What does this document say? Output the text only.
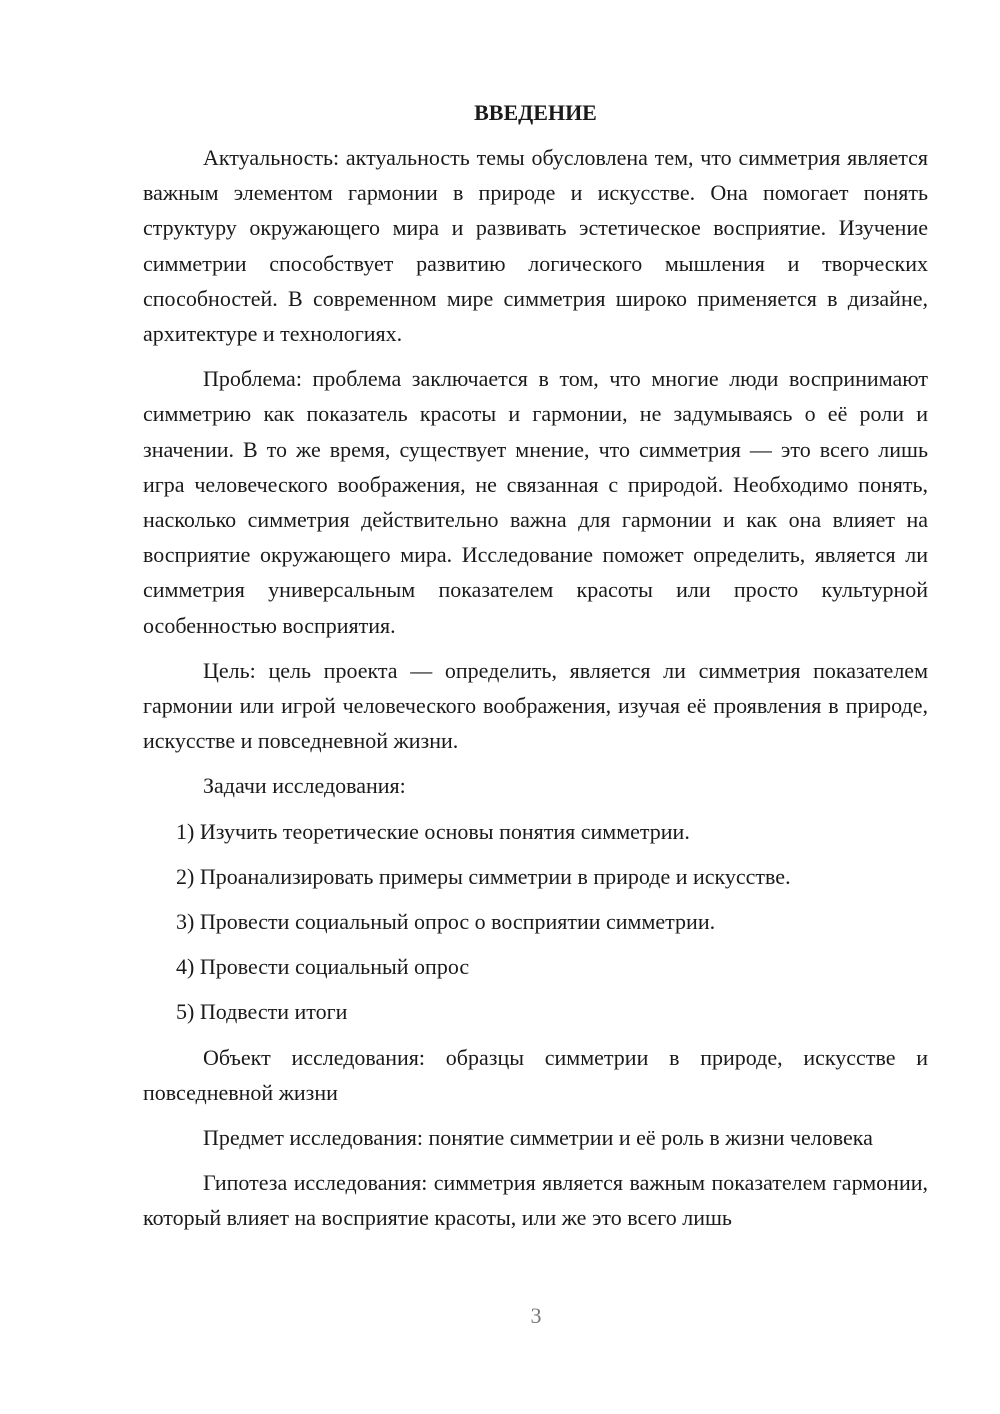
ВВЕДЕНИЕ

Актуальность: актуальность темы обусловлена тем, что симметрия является важным элементом гармонии в природе и искусстве. Она помогает понять структуру окружающего мира и развивать эстетическое восприятие. Изучение симметрии способствует развитию логического мышления и творческих способностей. В современном мире симметрия широко применяется в дизайне, архитектуре и технологиях.

Проблема: проблема заключается в том, что многие люди воспринимают симметрию как показатель красоты и гармонии, не задумываясь о её роли и значении. В то же время, существует мнение, что симметрия — это всего лишь игра человеческого воображения, не связанная с природой. Необходимо понять, насколько симметрия действительно важна для гармонии и как она влияет на восприятие окружающего мира. Исследование поможет определить, является ли симметрия универсальным показателем красоты или просто культурной особенностью восприятия.

Цель: цель проекта — определить, является ли симметрия показателем гармонии или игрой человеческого воображения, изучая её проявления в природе, искусстве и повседневной жизни.

Задачи исследования:

1) Изучить теоретические основы понятия симметрии.

2) Проанализировать примеры симметрии в природе и искусстве.

3) Провести социальный опрос о восприятии симметрии.

4) Провести социальный опрос

5) Подвести итоги

Объект исследования: образцы симметрии в природе, искусстве и повседневной жизни

Предмет исследования: понятие симметрии и её роль в жизни человека

Гипотеза исследования: симметрия является важным показателем гармонии, который влияет на восприятие красоты, или же это всего лишь

3
